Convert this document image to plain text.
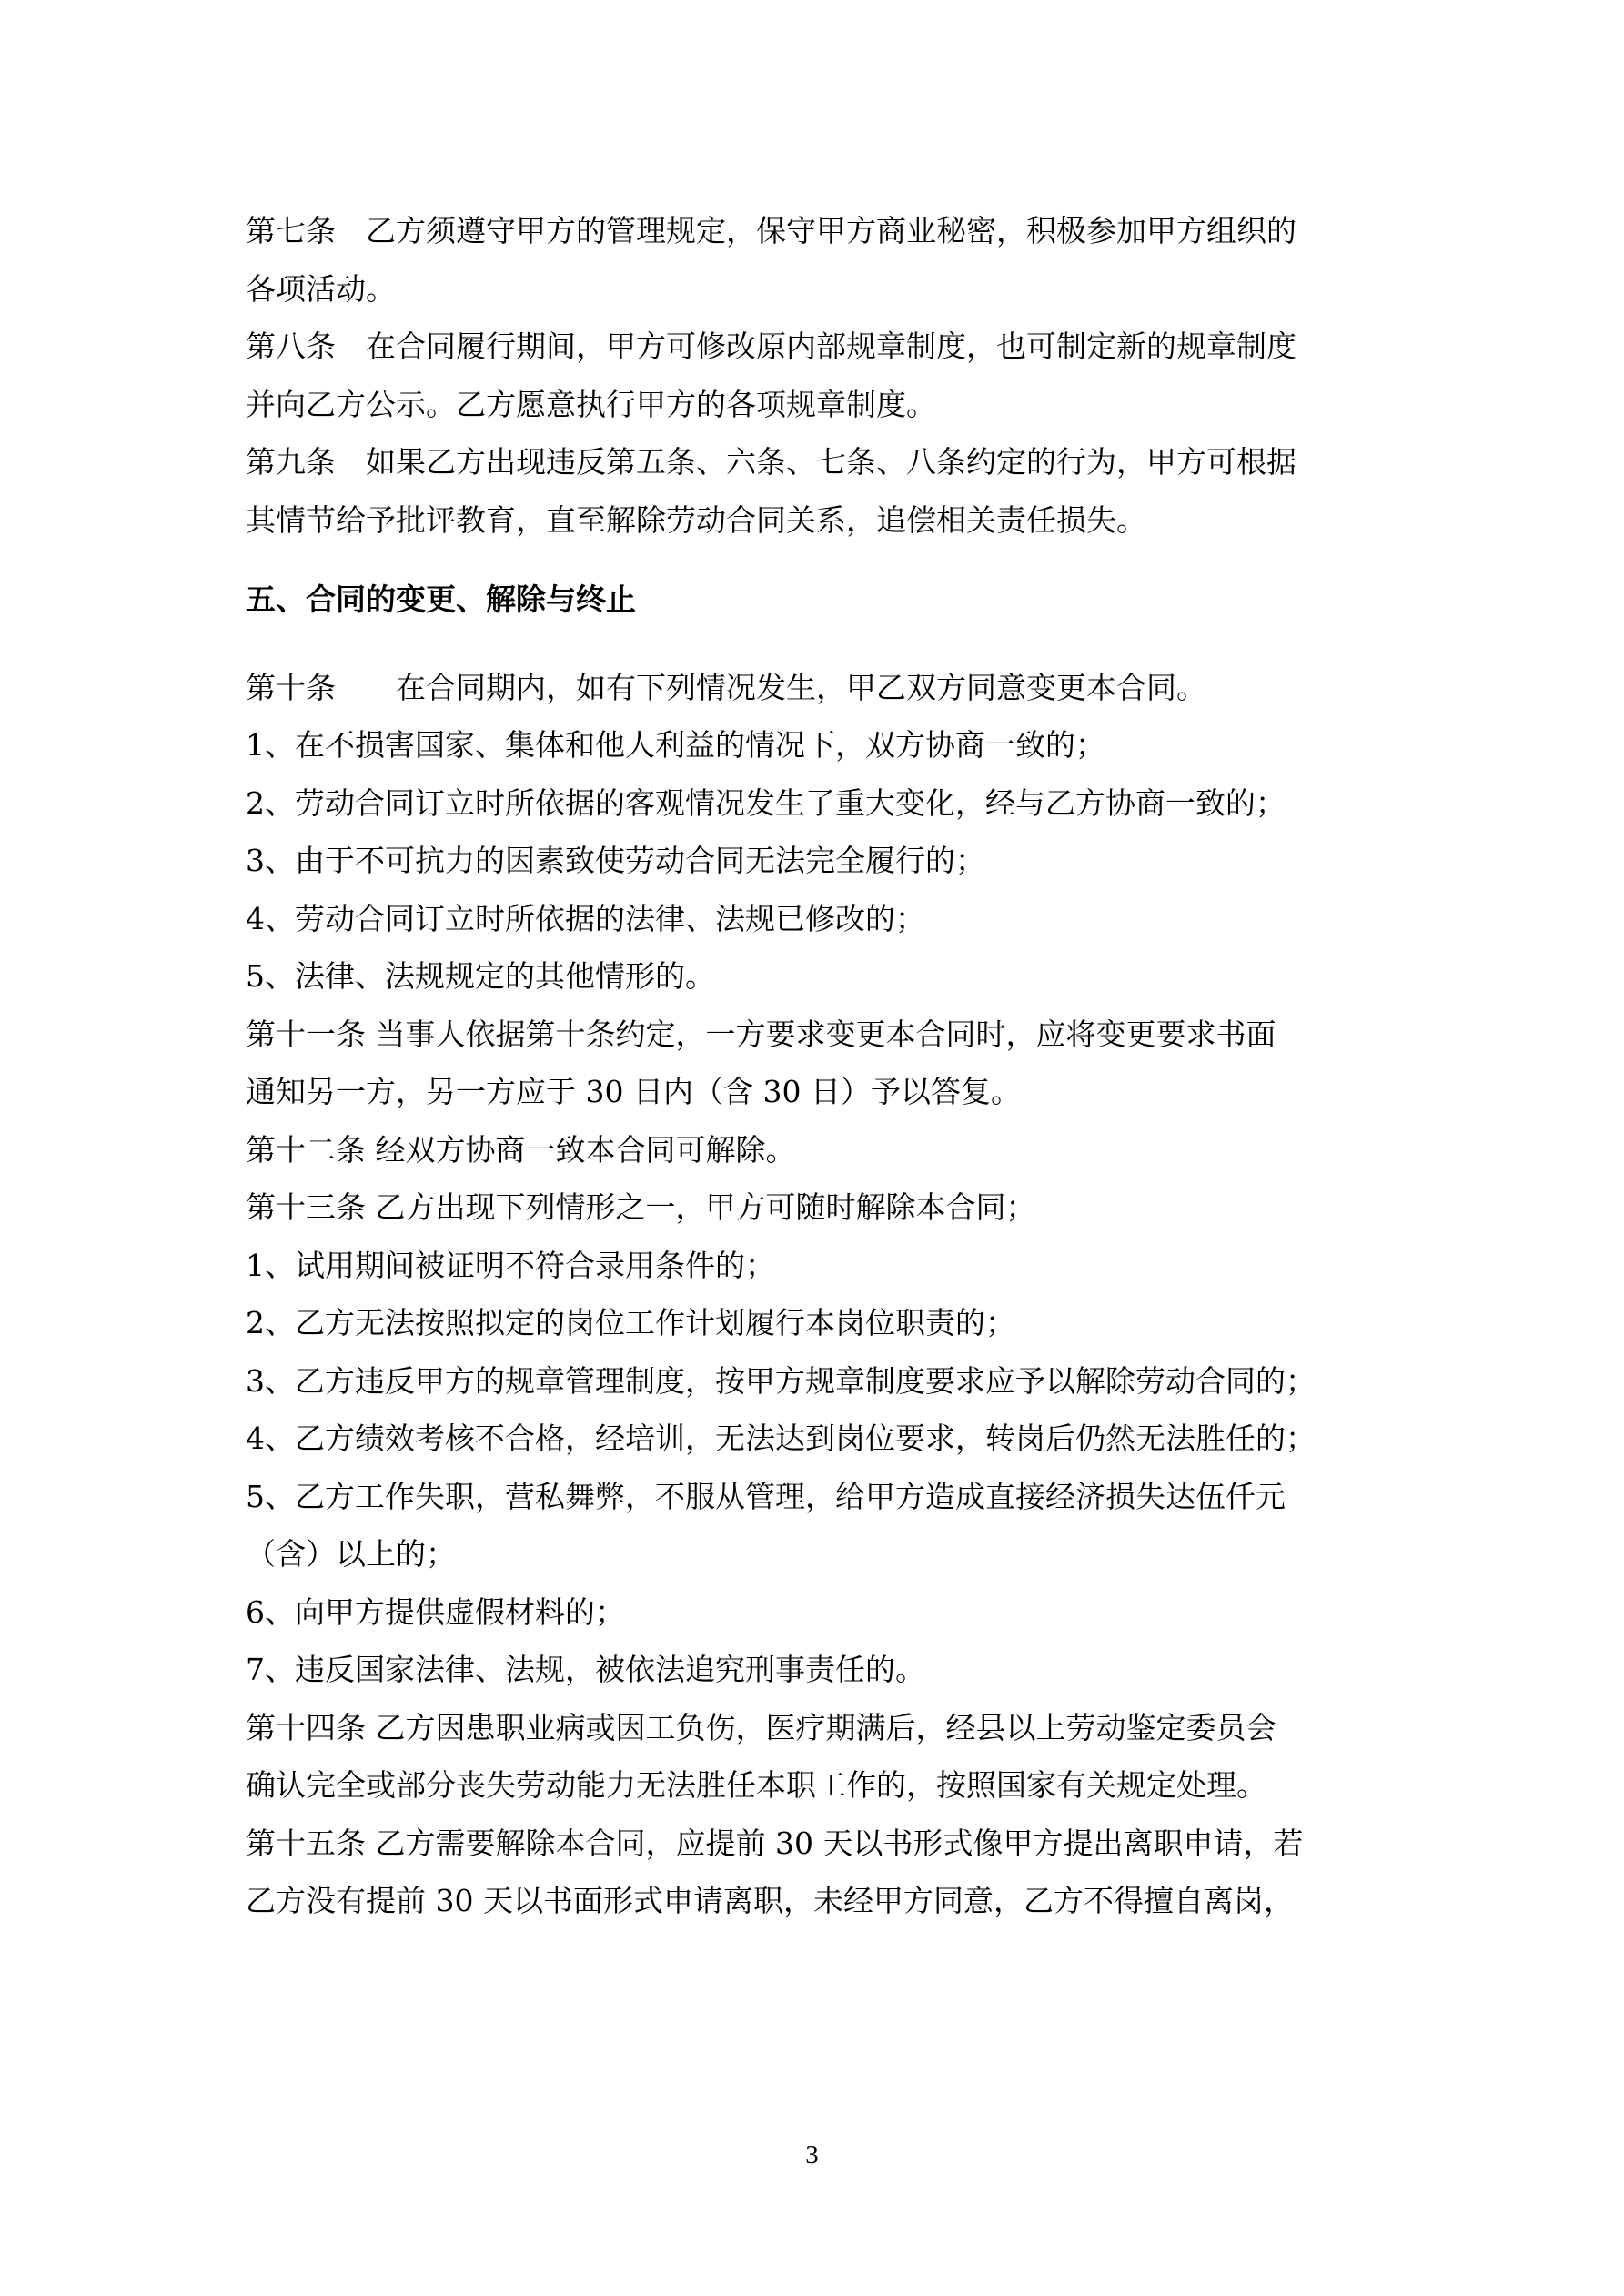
第七条　乙方须遵守甲方的管理规定，保守甲方商业秘密，积极参加甲方组织的

各项活动。

第八条　在合同履行期间，甲方可修改原内部规章制度，也可制定新的规章制度

并向乙方公示。乙方愿意执行甲方的各项规章制度。

第九条　如果乙方出现违反第五条、六条、七条、八条约定的行为，甲方可根据

其情节给予批评教育，直至解除劳动合同关系，追偿相关责任损失。

五、合同的变更、解除与终止

第十条　　在合同期内，如有下列情况发生，甲乙双方同意变更本合同。

1、在不损害国家、集体和他人利益的情况下，双方协商一致的；

2、劳动合同订立时所依据的客观情况发生了重大变化，经与乙方协商一致的；

3、由于不可抗力的因素致使劳动合同无法完全履行的；

4、劳动合同订立时所依据的法律、法规已修改的；

5、法律、法规规定的其他情形的。

第十一条 当事人依据第十条约定，一方要求变更本合同时，应将变更要求书面

通知另一方，另一方应于 30 日内（含 30 日）予以答复。

第十二条 经双方协商一致本合同可解除。

第十三条 乙方出现下列情形之一，甲方可随时解除本合同；

1、试用期间被证明不符合录用条件的；

2、乙方无法按照拟定的岗位工作计划履行本岗位职责的；

3、乙方违反甲方的规章管理制度，按甲方规章制度要求应予以解除劳动合同的；

4、乙方绩效考核不合格，经培训，无法达到岗位要求，转岗后仍然无法胜任的；

5、乙方工作失职，营私舞弊，不服从管理，给甲方造成直接经济损失达伍仟元

（含）以上的；

6、向甲方提供虚假材料的；

7、违反国家法律、法规，被依法追究刑事责任的。

第十四条 乙方因患职业病或因工负伤，医疗期满后，经县以上劳动鉴定委员会

确认完全或部分丧失劳动能力无法胜任本职工作的，按照国家有关规定处理。

第十五条 乙方需要解除本合同，应提前 30 天以书形式像甲方提出离职申请，若

乙方没有提前 30 天以书面形式申请离职，未经甲方同意，乙方不得擅自离岗，

3
